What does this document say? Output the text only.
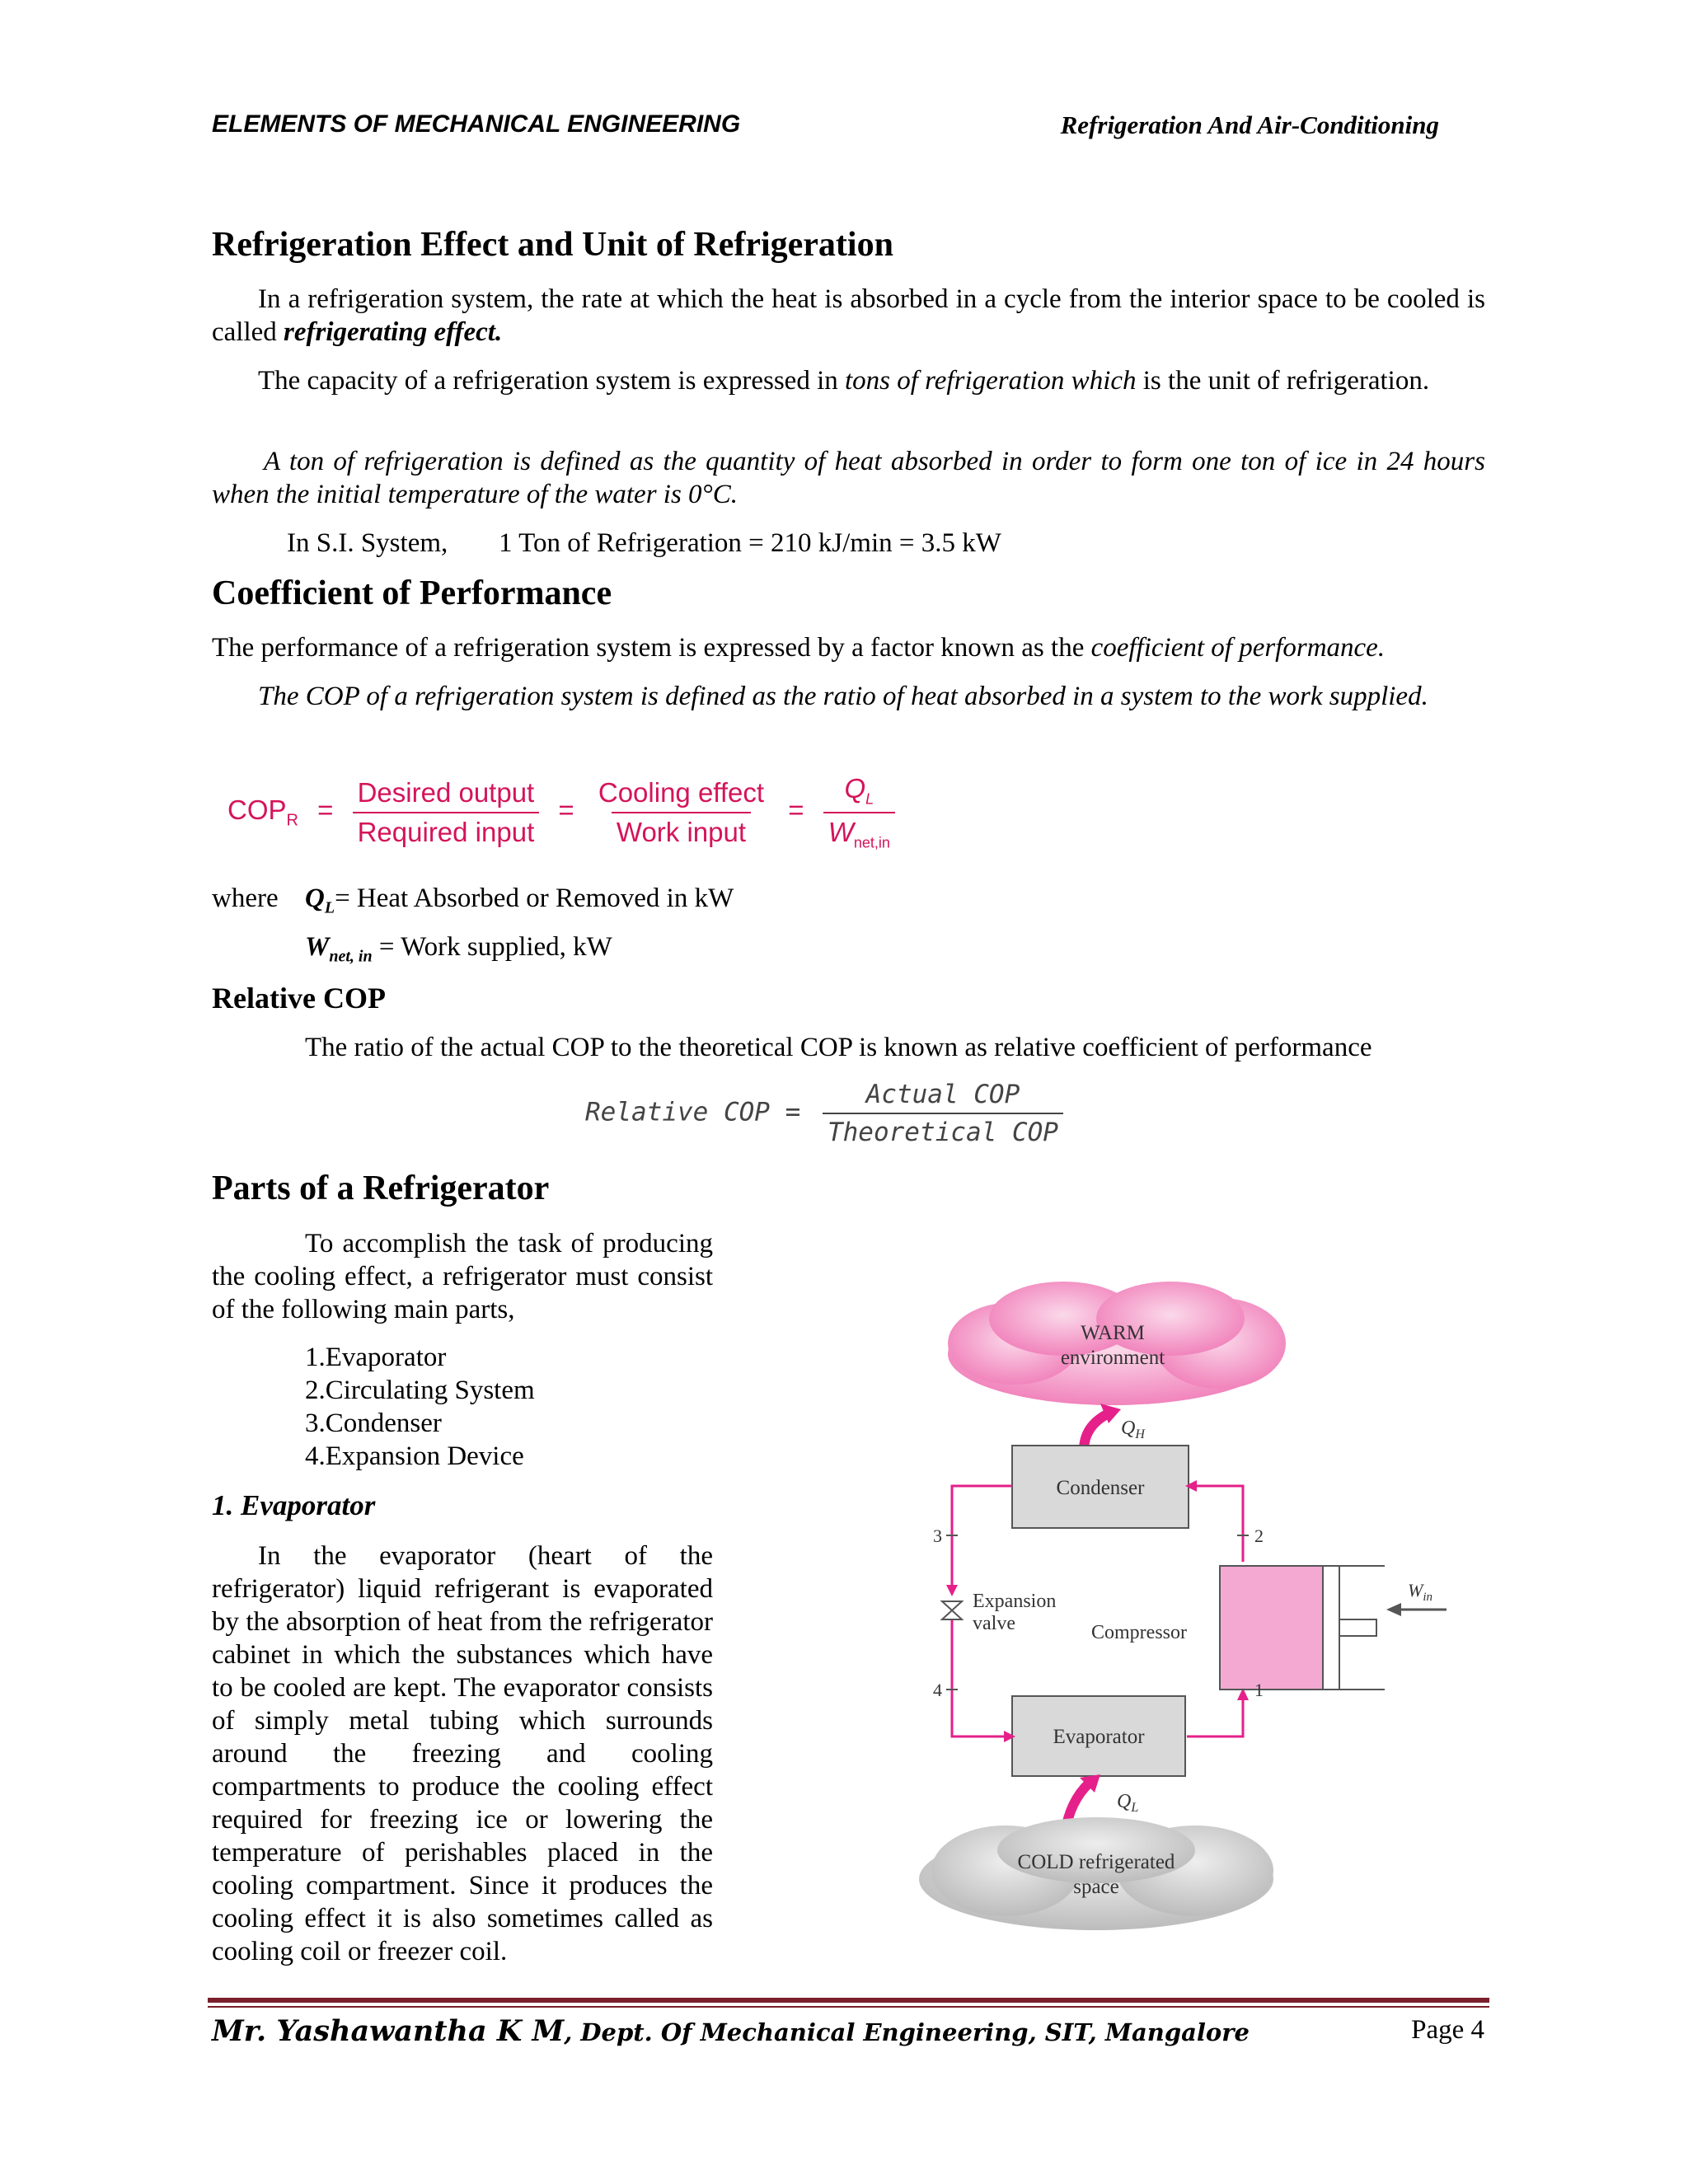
ELEMENTS OF MECHANICAL ENGINEERING	Refrigeration And Air-Conditioning
Refrigeration Effect and Unit of Refrigeration
In a refrigeration system, the rate at which the heat is absorbed in a cycle from the interior space to be cooled is called refrigerating effect.
The capacity of a refrigeration system is expressed in tons of refrigeration which is the unit of refrigeration.
A ton of refrigeration is defined as the quantity of heat absorbed in order to form one ton of ice in 24 hours when the initial temperature of the water is 0°C.
In S.I. System, 1 Ton of Refrigeration = 210 kJ/min = 3.5 kW
Coefficient of Performance
The performance of a refrigeration system is expressed by a factor known as the coefficient of performance.
The COP of a refrigeration system is defined as the ratio of heat absorbed in a system to the work supplied.
$COP_R = \frac{\text{Desired output}}{\text{Required input}} = \frac{\text{Cooling effect}}{\text{Work input}} = \frac{Q_L}{W_{net,in}}$
where $Q_L=$ Heat Absorbed or Removed in kW
$W_{net, in}$ = Work supplied, kW
Relative COP
The ratio of the actual COP to the theoretical COP is known as relative coefficient of performance
Relative COP = $\frac{\text{Actual COP}}{\text{Theoretical COP}}$
Parts of a Refrigerator
To accomplish the task of producing the cooling effect, a refrigerator must consist of the following main parts,
1.Evaporator
2.Circulating System
3.Condenser
4.Expansion Device
1. Evaporator
In the evaporator (heart of the refrigerator) liquid refrigerant is evaporated by the absorption of heat from the refrigerator cabinet in which the substances which have to be cooled are kept. The evaporator consists of simply metal tubing which surrounds around the freezing and cooling compartments to produce the cooling effect required for freezing ice or lowering the temperature of perishables placed in the cooling compartment. Since it produces the cooling effect it is also sometimes called as cooling coil or freezer coil.
WARM
environment
$Q_H$
Condenser
Evaporator
Compressor
$W_{in}$
Expansion
valve
3	2
4	1
$Q_L$
COLD refrigerated
space
Mr. Yashawantha K M, Dept. Of Mechanical Engineering, SIT, Mangalore	Page 4
